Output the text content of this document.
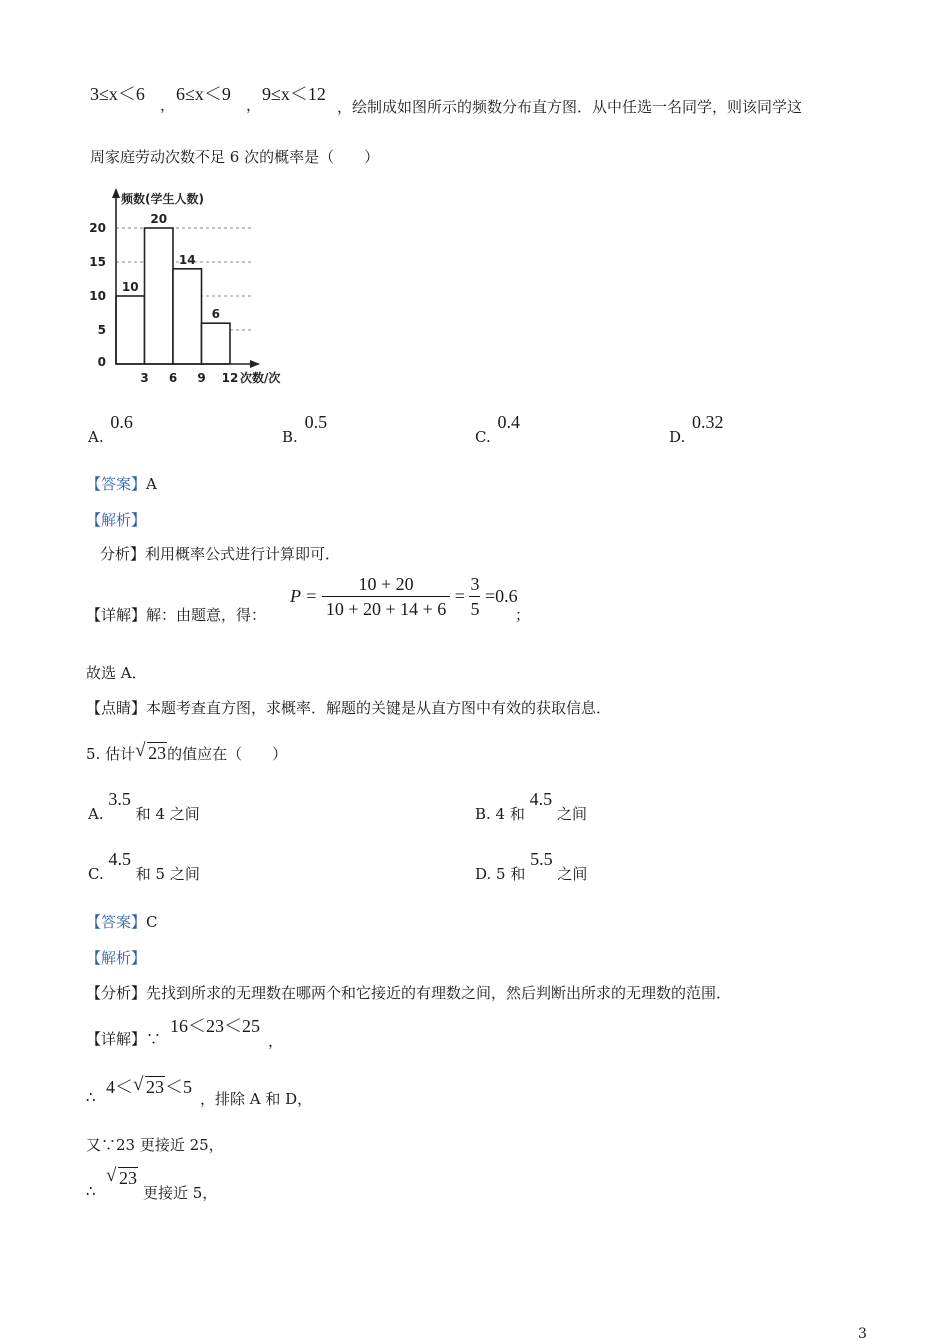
3≤x＜6
，
6≤x＜9
，
9≤x＜12
，绘制成如图所示的频数分布直方图．从中任选一名同学，则该同学这
周家庭劳动次数不足 6 次的概率是（　　）
10
20
14
6
频数(学生人数)
5
10
15
20
0
3 6 9 12 次数/次
A. 0.6
B. 0.5
C. 0.4
D. 0.32
【答案】A
【解析】
分析】利用概率公式进行计算即可．
【详解】解：由题意，得：
$P = \frac{10 + 20}{10 + 20 + 14 + 6} = \frac{3}{5} =0.6$
；
故选 A．
【点睛】本题考查直方图，求概率．解题的关键是从直方图中有效的获取信息．
5. 估计 √ 23的值应在（　　）
A. 3.5 和 4 之间	B. 4 和 4.5 之间
C. 4.5 和 5 之间	D. 5 和 5.5 之间
【答案】C
【解析】
【分析】先找到所求的无理数在哪两个和它接近的有理数之间，然后判断出所求的无理数的范围．
【详解】∵
16＜23＜25
，
∴ 4＜ √ 23＜5
，排除 A 和 D，
又∵23 更接近 25，
∴
√ 23
更接近 5，
3
